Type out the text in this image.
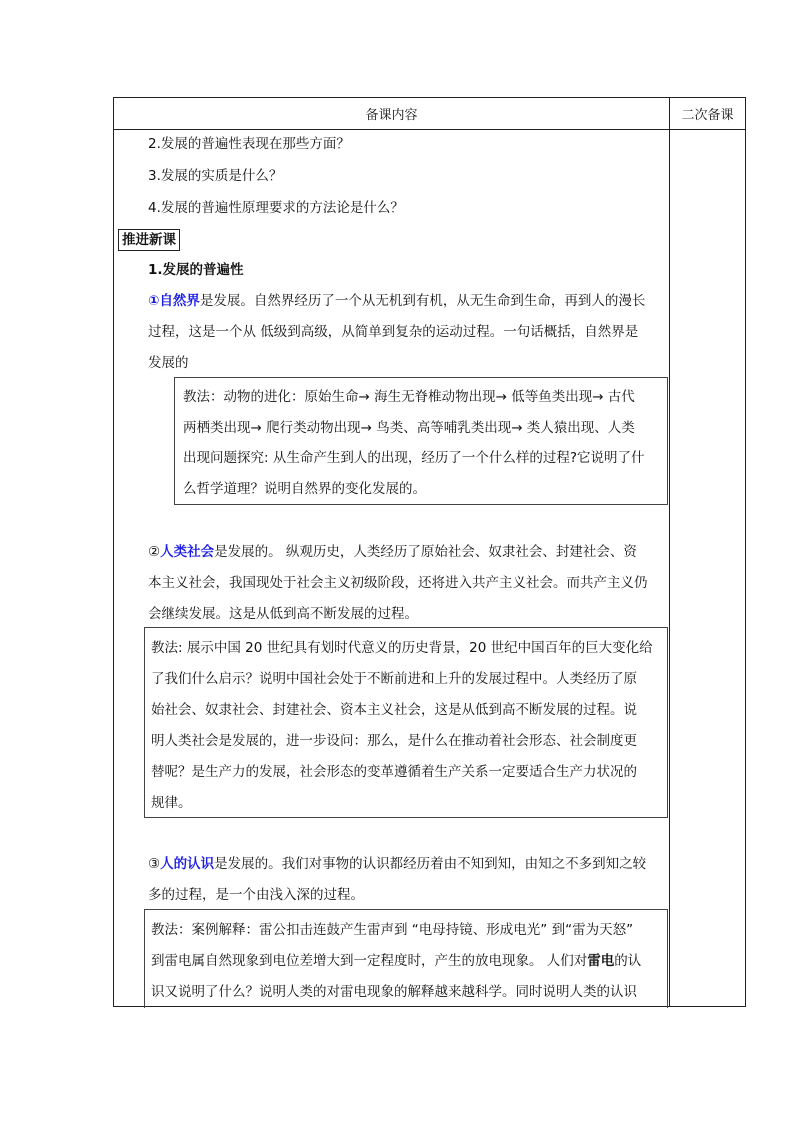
备课内容	二次备课
2.发展的普遍性表现在那些方面？
3.发展的实质是什么？
4.发展的普遍性原理要求的方法论是什么？
推进新课
1.发展的普遍性
①自然界是发展。自然界经历了一个从无机到有机，从无生命到生命，再到人的漫长
过程，这是一个从 低级到高级，从简单到复杂的运动过程。一句话概括，自然界是
发展的
教法：动物的进化：原始生命→ 海生无脊椎动物出现→ 低等鱼类出现→ 古代
两栖类出现→ 爬行类动物出现→ 鸟类、高等哺乳类出现→ 类人猿出现、人类
出现问题探究: 从生命产生到人的出现，经历了一个什么样的过程?它说明了什
么哲学道理？说明自然界的变化发展的。
②人类社会是发展的。 纵观历史，人类经历了原始社会、奴隶社会、封建社会、资
本主义社会，我国现处于社会主义初级阶段，还将进入共产主义社会。而共产主义仍
会继续发展。这是从低到高不断发展的过程。
教法: 展示中国 20 世纪具有划时代意义的历史背景，20 世纪中国百年的巨大变化给
了我们什么启示？说明中国社会处于不断前进和上升的发展过程中。人类经历了原
始社会、奴隶社会、封建社会、资本主义社会，这是从低到高不断发展的过程。说
明人类社会是发展的，进一步设问：那么，是什么在推动着社会形态、社会制度更
替呢？是生产力的发展，社会形态的变革遵循着生产关系一定要适合生产力状况的
规律。
③人的认识是发展的。我们对事物的认识都经历着由不知到知，由知之不多到知之较
多的过程，是一个由浅入深的过程。
教法：案例解释：雷公扣击连鼓产生雷声到 “电母持镜、形成电光” 到“雷为天怒”
到雷电属自然现象到电位差增大到一定程度时，产生的放电现象。 人们对雷电的认
识又说明了什么？说明人类的对雷电现象的解释越来越科学。同时说明人类的认识
